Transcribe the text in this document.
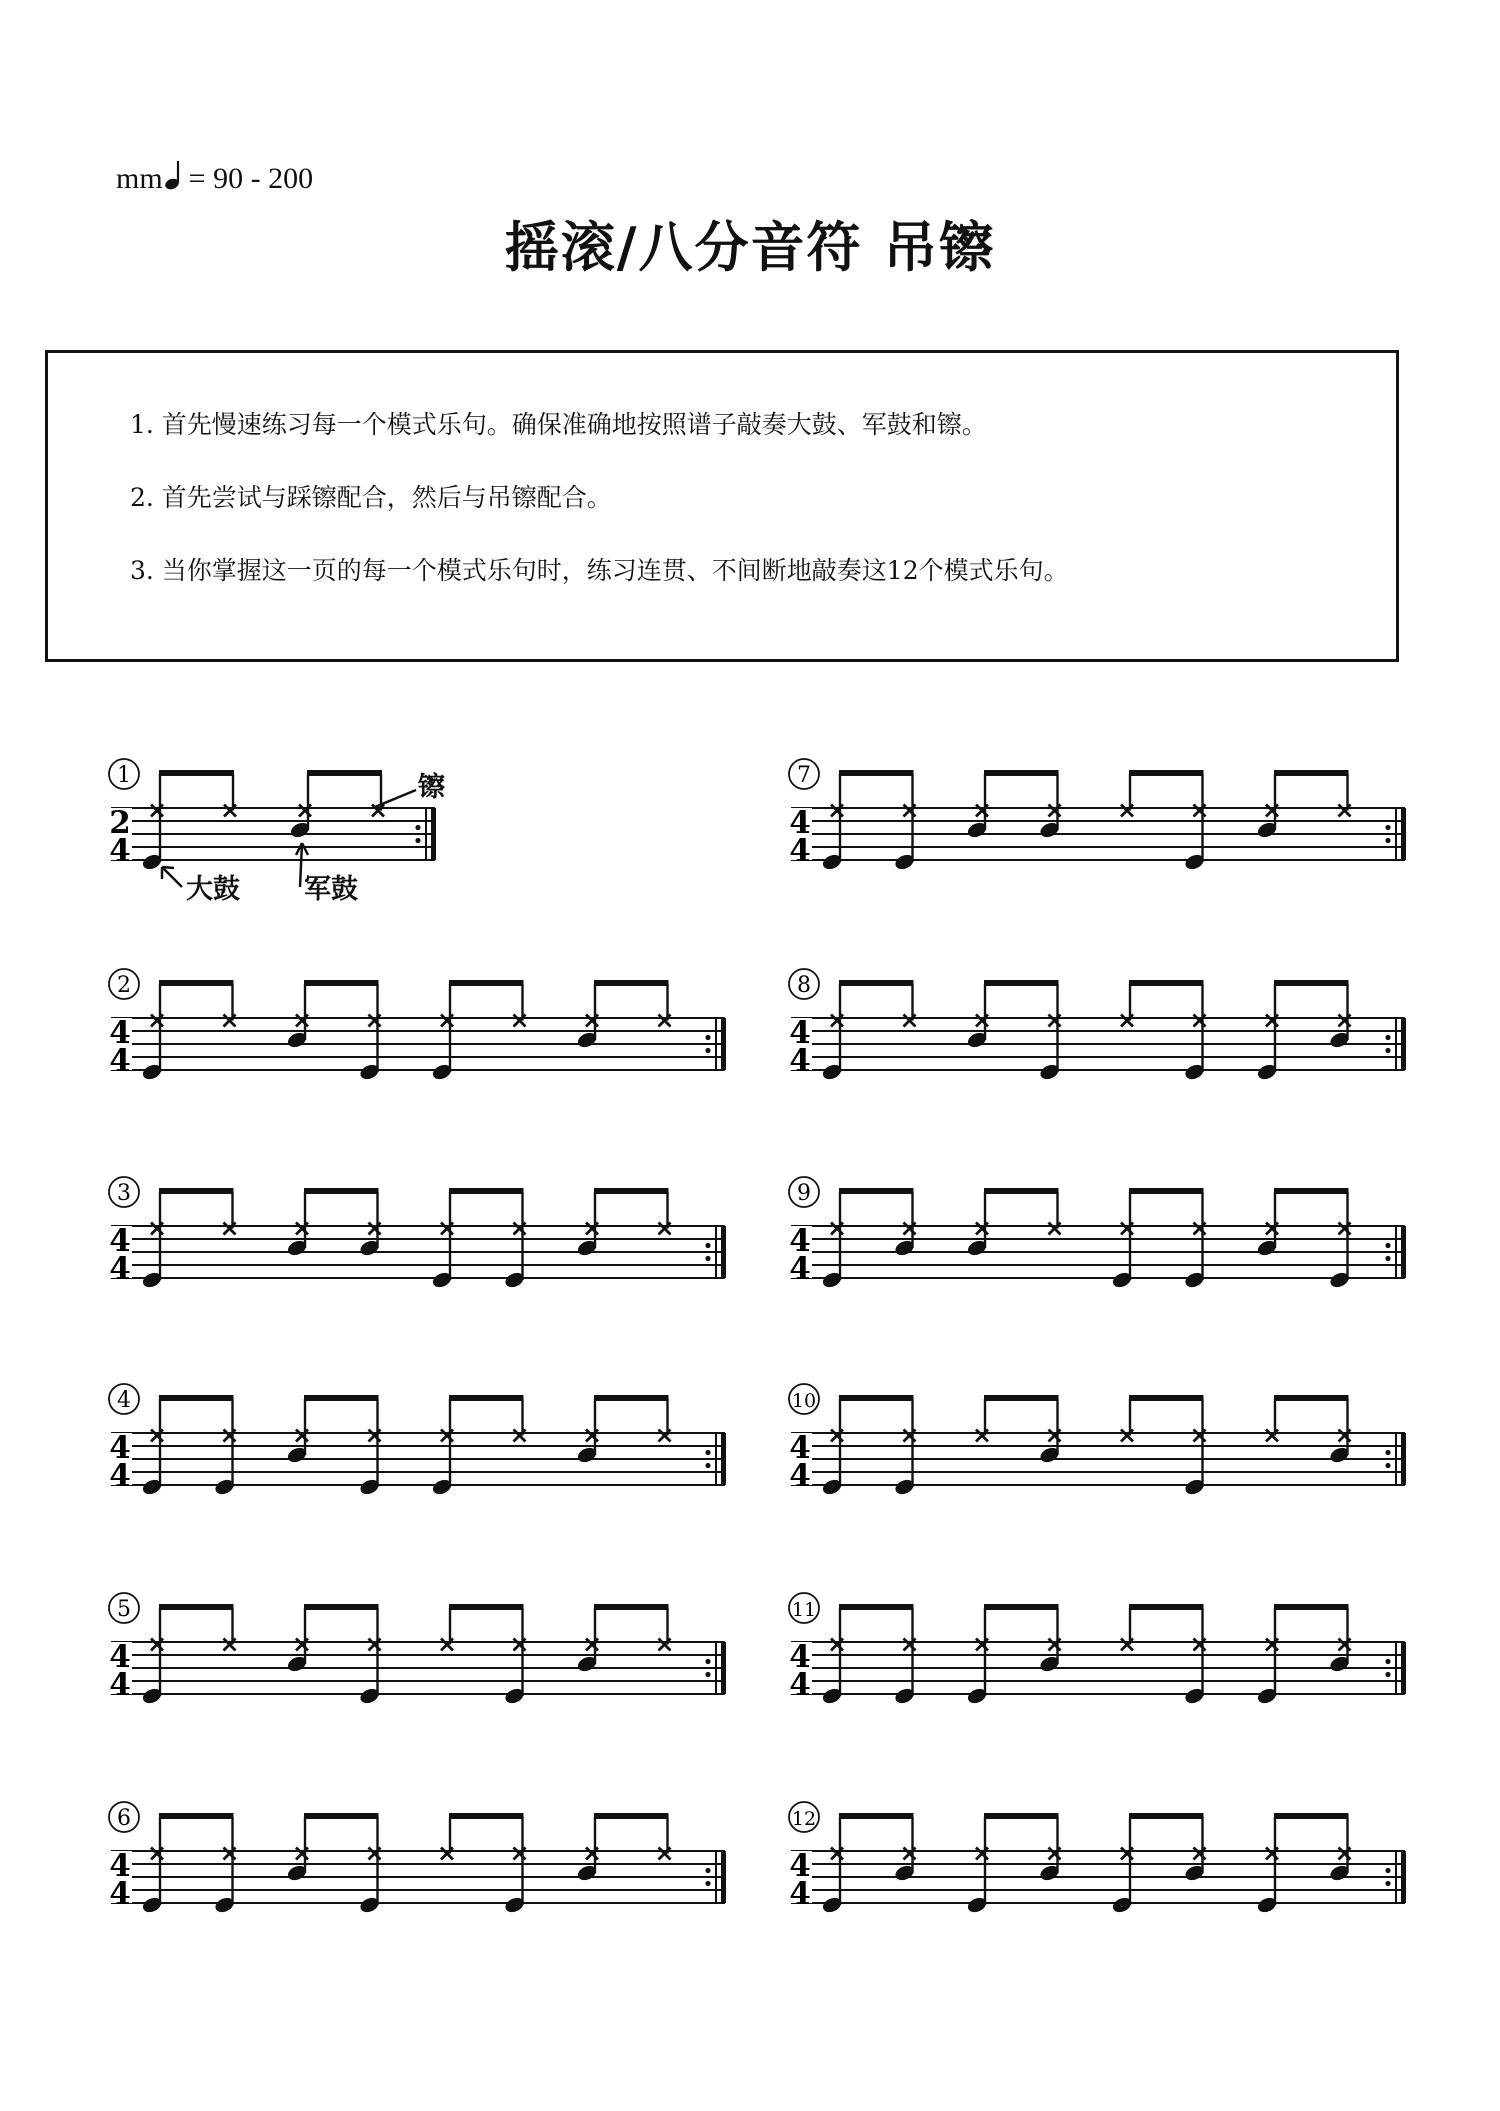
mm = 90 - 200
摇滚/八分音符 吊镲
1. 首先慢速练习每一个模式乐句。确保准确地按照谱子敲奏大鼓、军鼓和镲。
2. 首先尝试与踩镲配合，然后与吊镲配合。
3. 当你掌握这一页的每一个模式乐句时，练习连贯、不间断地敲奏这12个模式乐句。
1
2
4
2
4
4
3
4
4
4
4
4
5
4
4
6
4
4
7
4
4
8
4
4
9
4
4
10
4
4
11
4
4
12
4
4
镲
大鼓 军鼓
